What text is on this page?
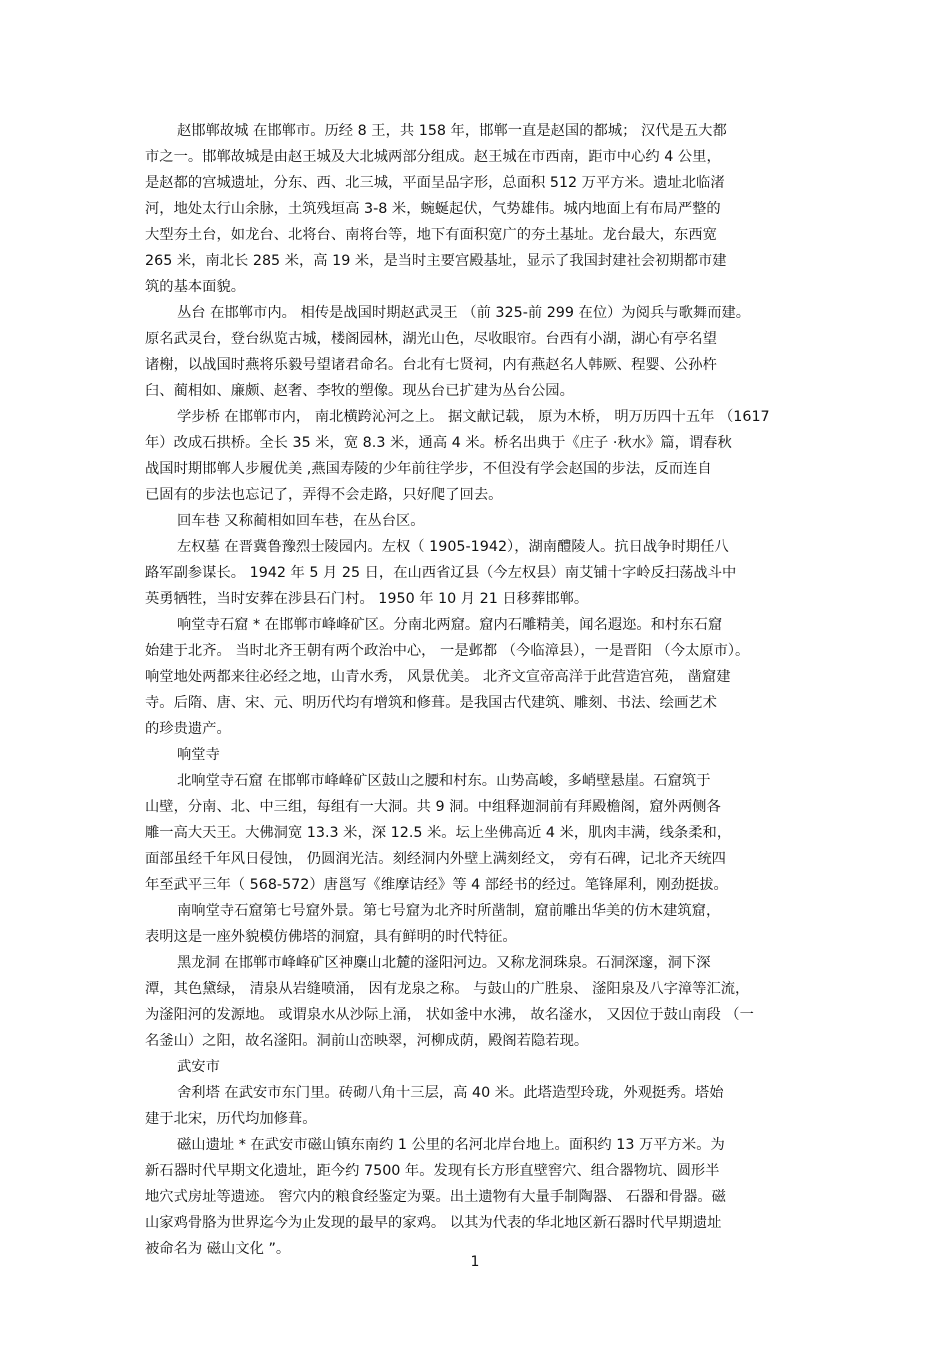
赵邯郸故城 在邯郸市。历经 8 王，共 158 年，邯郸一直是赵国的都城； 汉代是五大都
市之一。邯郸故城是由赵王城及大北城两部分组成。赵王城在市西南，距市中心约 4 公里，
是赵都的宫城遗址，分东、西、北三城，平面呈品字形，总面积 512 万平方米。遗址北临渚
河，地处太行山余脉，土筑残垣高 3-8 米，蜿蜒起伏，气势雄伟。城内地面上有布局严整的
大型夯土台，如龙台、北将台、南将台等，地下有面积宽广的夯土基址。龙台最大，东西宽
265 米，南北长 285 米，高 19 米，是当时主要宫殿基址，显示了我国封建社会初期都市建
筑的基本面貌。
丛台 在邯郸市内。 相传是战国时期赵武灵王 （前 325-前 299 在位）为阅兵与歌舞而建。
原名武灵台，登台纵览古城，楼阁园林，湖光山色，尽收眼帘。台西有小湖，湖心有亭名望
诸榭，以战国时燕将乐毅号望诸君命名。台北有七贤祠，内有燕赵名人韩厥、程婴、公孙杵
臼、蔺相如、廉颇、赵奢、李牧的塑像。现丛台已扩建为丛台公园。
学步桥 在邯郸市内， 南北横跨沁河之上。 据文献记载， 原为木桥， 明万历四十五年 （1617
年）改成石拱桥。全长 35 米，宽 8.3 米，通高 4 米。桥名出典于《庄子 ·秋水》篇，谓春秋
战国时期邯郸人步履优美 ,燕国寿陵的少年前往学步，不但没有学会赵国的步法，反而连自
已固有的步法也忘记了，弄得不会走路，只好爬了回去。
回车巷 又称蔺相如回车巷，在丛台区。
左权墓 在晋冀鲁豫烈士陵园内。左权（ 1905-1942），湖南醴陵人。抗日战争时期任八
路军副参谋长。 1942 年 5 月 25 日，在山西省辽县（今左权县）南艾铺十字岭反扫荡战斗中
英勇牺牲，当时安葬在涉县石门村。 1950 年 10 月 21 日移葬邯郸。
响堂寺石窟 * 在邯郸市峰峰矿区。分南北两窟。窟内石雕精美，闻名遐迩。和村东石窟
始建于北齐。 当时北齐王朝有两个政治中心， 一是邺都 （今临漳县），一是晋阳 （今太原市）。
响堂地处两都来往必经之地，山青水秀， 风景优美。 北齐文宣帝高洋于此营造宫苑， 凿窟建
寺。后隋、唐、宋、元、明历代均有增筑和修葺。是我国古代建筑、雕刻、书法、绘画艺术
的珍贵遗产。
响堂寺
北响堂寺石窟 在邯郸市峰峰矿区鼓山之腰和村东。山势高峻，多峭壁悬崖。石窟筑于
山壁，分南、北、中三组，每组有一大洞。共 9 洞。中组释迦洞前有拜殿檐阁，窟外两侧各
雕一高大天王。大佛洞宽 13.3 米，深 12.5 米。坛上坐佛高近 4 米，肌肉丰满，线条柔和，
面部虽经千年风日侵蚀， 仍圆润光洁。刻经洞内外壁上满刻经文， 旁有石碑，记北齐天统四
年至武平三年（ 568-572）唐邕写《维摩诘经》等 4 部经书的经过。笔锋犀利，刚劲挺拔。
南响堂寺石窟第七号窟外景。第七号窟为北齐时所凿制，窟前雕出华美的仿木建筑窟，
表明这是一座外貌模仿佛塔的洞窟，具有鲜明的时代特征。
黑龙洞 在邯郸市峰峰矿区神麇山北麓的滏阳河边。又称龙洞珠泉。石洞深邃，洞下深
潭，其色黛绿， 清泉从岩缝喷涌， 因有龙泉之称。 与鼓山的广胜泉、 滏阳泉及八字漳等汇流，
为滏阳河的发源地。 或谓泉水从沙际上涌， 状如釜中水沸， 故名滏水， 又因位于鼓山南段 （一
名釜山）之阳，故名滏阳。洞前山峦映翠，河柳成荫，殿阁若隐若现。
武安市
舍利塔 在武安市东门里。砖砌八角十三层，高 40 米。此塔造型玲珑，外观挺秀。塔始
建于北宋，历代均加修葺。
磁山遗址 * 在武安市磁山镇东南约 1 公里的名河北岸台地上。面积约 13 万平方米。为
新石器时代早期文化遗址，距今约 7500 年。发现有长方形直壁窖穴、组合器物坑、圆形半
地穴式房址等遗迹。 窖穴内的粮食经鉴定为粟。出土遗物有大量手制陶器、 石器和骨器。磁
山家鸡骨胳为世界迄今为止发现的最早的家鸡。 以其为代表的华北地区新石器时代早期遗址
被命名为 磁山文化 ”。
1
